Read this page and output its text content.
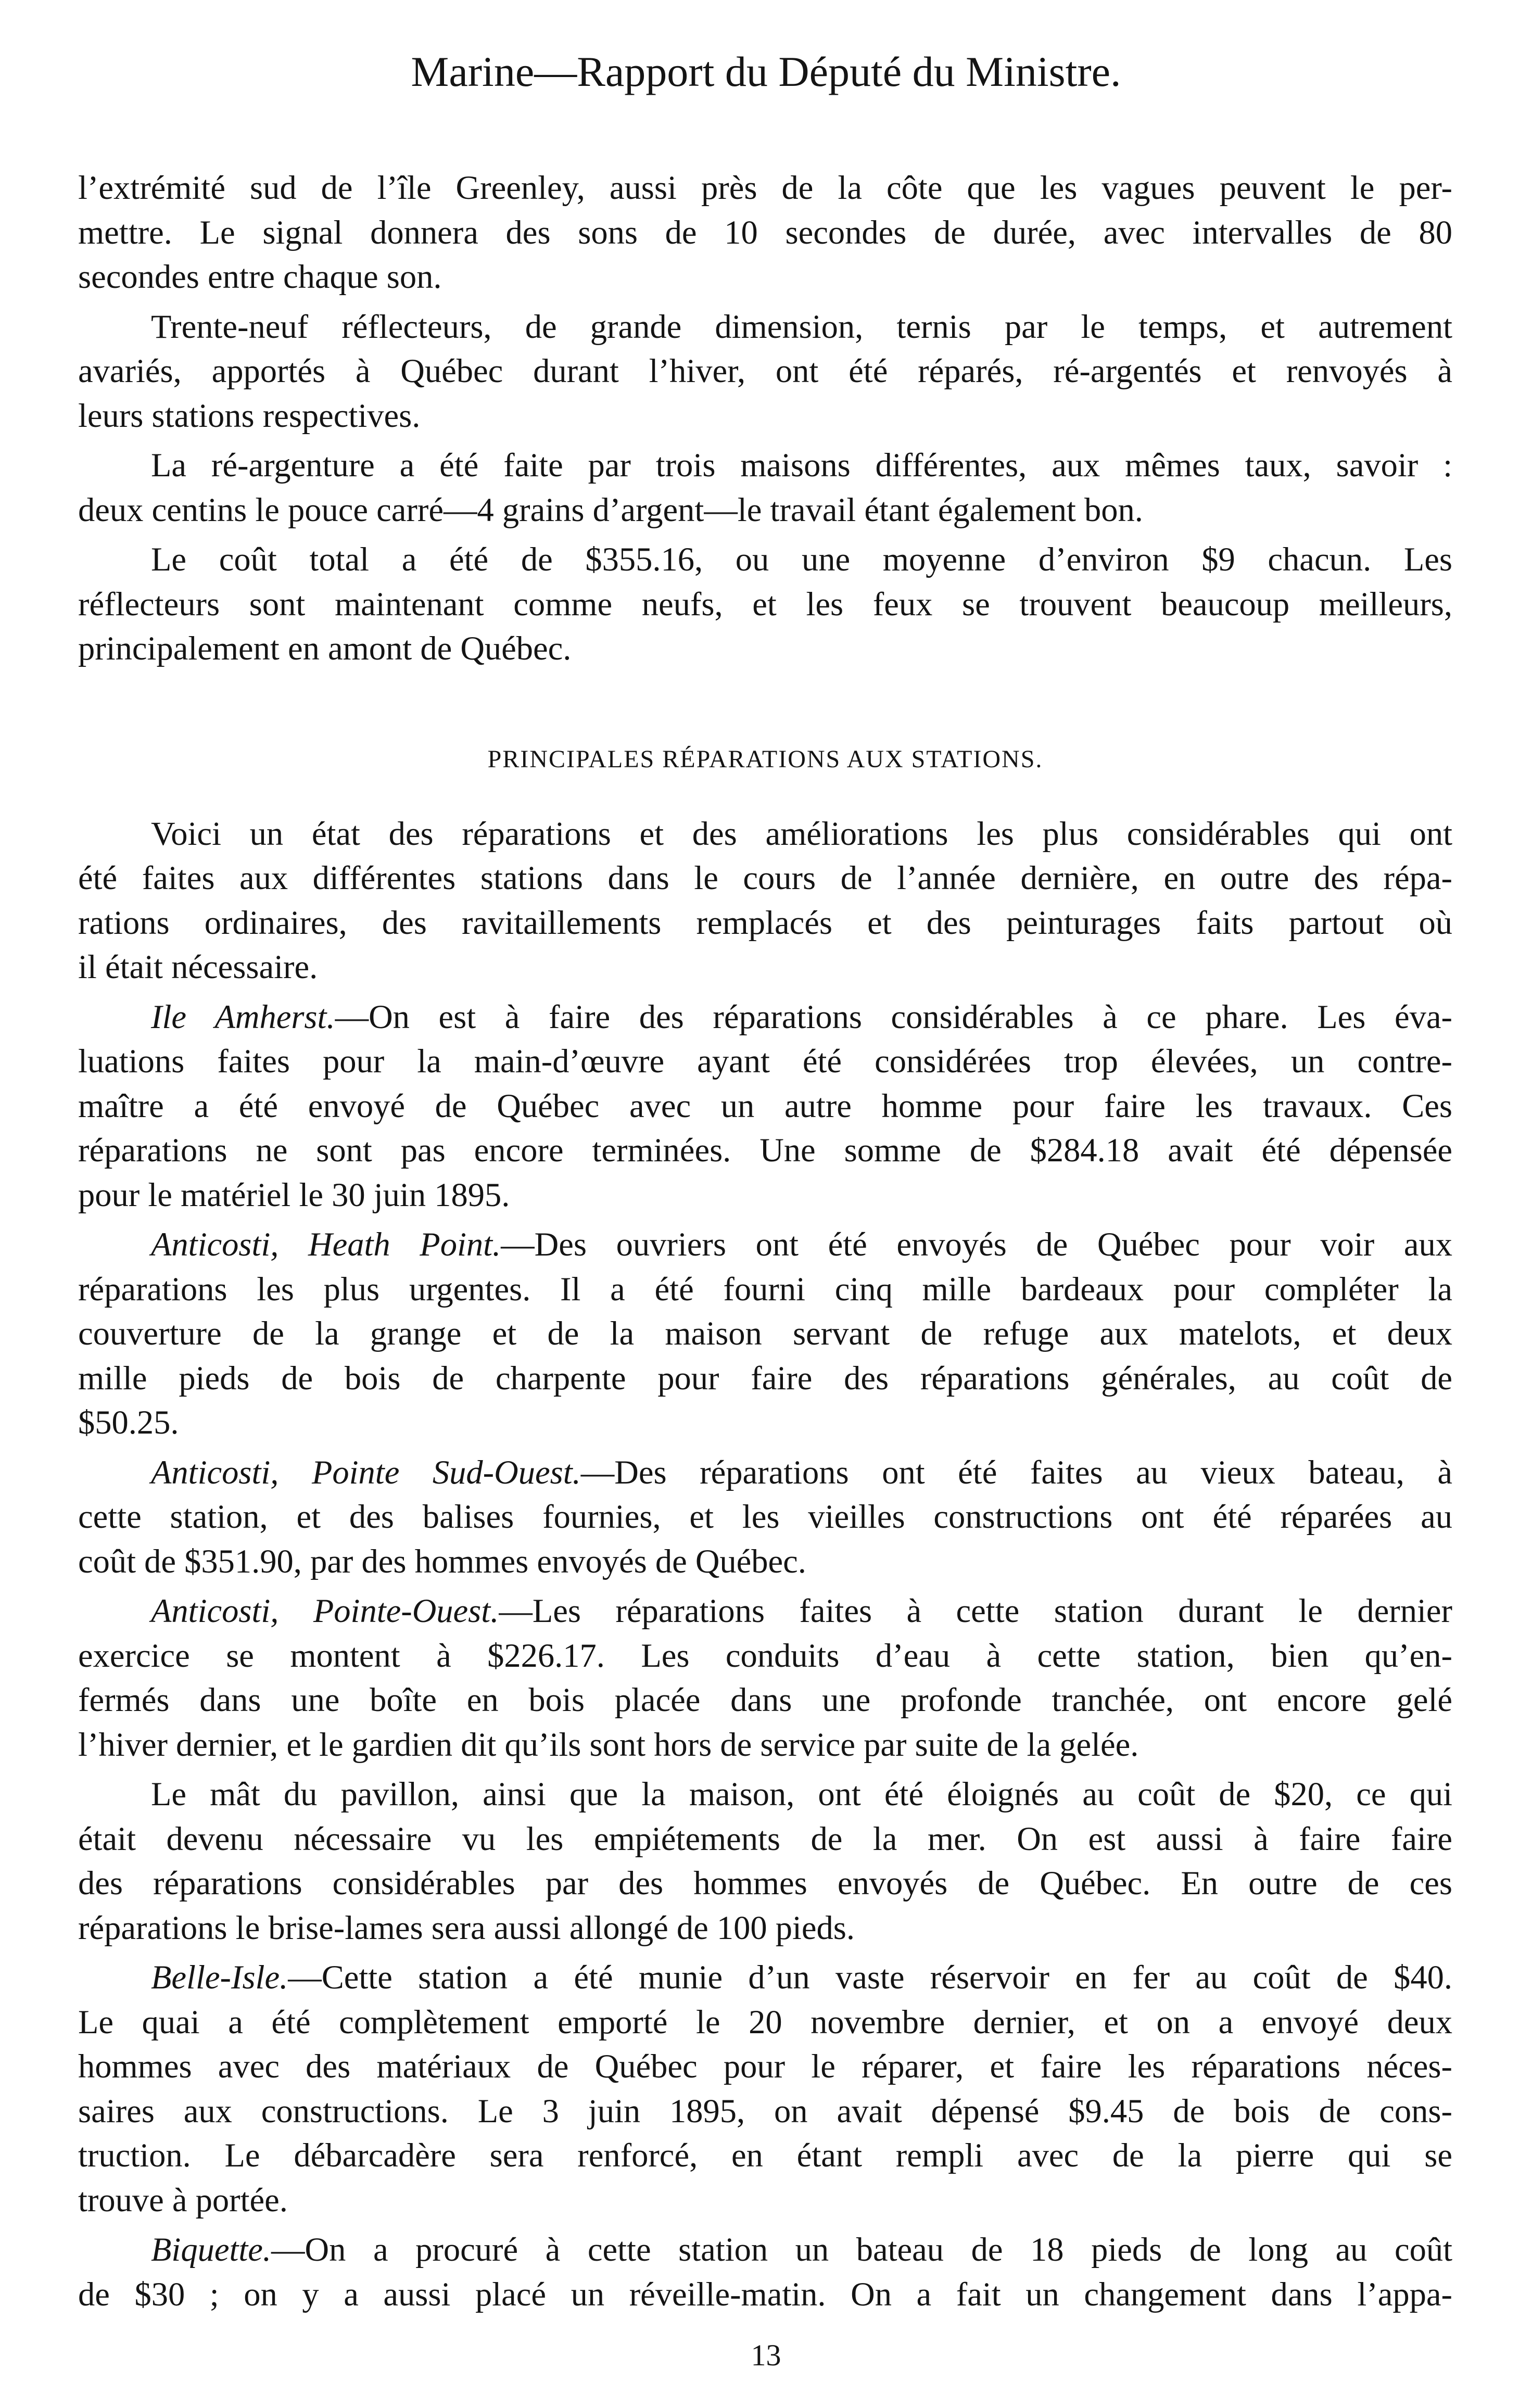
Marine—Rapport du Député du Ministre.
l’extrémité sud de l’île Greenley, aussi près de la côte que les vagues peuvent le per-
mettre. Le signal donnera des sons de 10 secondes de durée, avec intervalles de 80
secondes entre chaque son.
Trente-neuf réflecteurs, de grande dimension, ternis par le temps, et autrement
avariés, apportés à Québec durant l’hiver, ont été réparés, ré-argentés et renvoyés à
leurs stations respectives.
La ré-argenture a été faite par trois maisons différentes, aux mêmes taux, savoir :
deux centins le pouce carré—4 grains d’argent—le travail étant également bon.
Le coût total a été de $355.16, ou une moyenne d’environ $9 chacun. Les
réflecteurs sont maintenant comme neufs, et les feux se trouvent beaucoup meilleurs,
principalement en amont de Québec.
PRINCIPALES RÉPARATIONS AUX STATIONS.
Voici un état des réparations et des améliorations les plus considérables qui ont
été faites aux différentes stations dans le cours de l’année dernière, en outre des répa-
rations ordinaires, des ravitaillements remplacés et des peinturages faits partout où
il était nécessaire.
Ile Amherst.—On est à faire des réparations considérables à ce phare. Les éva-
luations faites pour la main-d’œuvre ayant été considérées trop élevées, un contre-
maître a été envoyé de Québec avec un autre homme pour faire les travaux. Ces
réparations ne sont pas encore terminées. Une somme de $284.18 avait été dépensée
pour le matériel le 30 juin 1895.
Anticosti, Heath Point.—Des ouvriers ont été envoyés de Québec pour voir aux
réparations les plus urgentes. Il a été fourni cinq mille bardeaux pour compléter la
couverture de la grange et de la maison servant de refuge aux matelots, et deux
mille pieds de bois de charpente pour faire des réparations générales, au coût de
$50.25.
Anticosti, Pointe Sud-Ouest.—Des réparations ont été faites au vieux bateau, à
cette station, et des balises fournies, et les vieilles constructions ont été réparées au
coût de $351.90, par des hommes envoyés de Québec.
Anticosti, Pointe-Ouest.—Les réparations faites à cette station durant le dernier
exercice se montent à $226.17. Les conduits d’eau à cette station, bien qu’en-
fermés dans une boîte en bois placée dans une profonde tranchée, ont encore gelé
l’hiver dernier, et le gardien dit qu’ils sont hors de service par suite de la gelée.
Le mât du pavillon, ainsi que la maison, ont été éloignés au coût de $20, ce qui
était devenu nécessaire vu les empiétements de la mer. On est aussi à faire faire
des réparations considérables par des hommes envoyés de Québec. En outre de ces
réparations le brise-lames sera aussi allongé de 100 pieds.
Belle-Isle.—Cette station a été munie d’un vaste réservoir en fer au coût de $40.
Le quai a été complètement emporté le 20 novembre dernier, et on a envoyé deux
hommes avec des matériaux de Québec pour le réparer, et faire les réparations néces-
saires aux constructions. Le 3 juin 1895, on avait dépensé $9.45 de bois de cons-
truction. Le débarcadère sera renforcé, en étant rempli avec de la pierre qui se
trouve à portée.
Biquette.—On a procuré à cette station un bateau de 18 pieds de long au coût
de $30 ; on y a aussi placé un réveille-matin. On a fait un changement dans l’appa-
13
